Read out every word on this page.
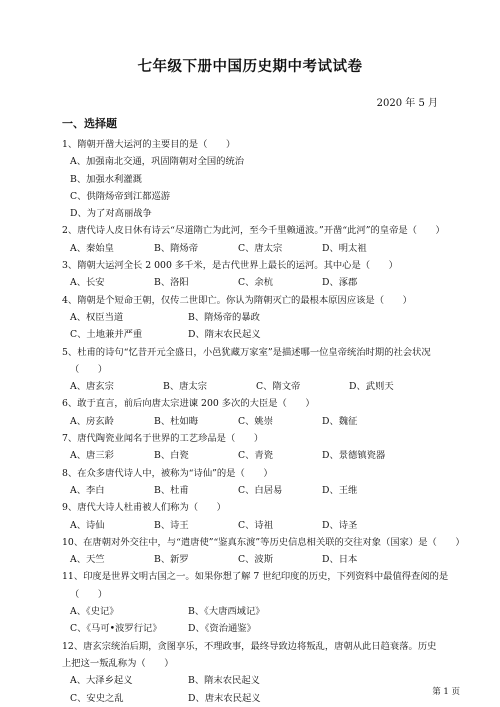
七年级下册中国历史期中考试试卷
2020 年 5 月
一、选择题
1、隋朝开凿大运河的主要目的是（　　）
A、加强南北交通，巩固隋朝对全国的统治
B、加强水利灌溉
C、供隋炀帝到江都巡游
D、为了对高丽战争
2、唐代诗人皮日休有诗云“尽道隋亡为此河，至今千里赖通波。”开凿“此河”的皇帝是（　　）
A、秦始皇	B、隋炀帝	C、唐太宗	D、明太祖
3、隋朝大运河全长 2 000 多千米，是古代世界上最长的运河。其中心是（　　）
A、长安	B、洛阳	C、余杭	D、涿郡
4、隋朝是个短命王朝，仅传二世即亡。你认为隋朝灭亡的最根本原因应该是（　　）
A、权臣当道	B、隋炀帝的暴政
C、土地兼并严重	D、隋末农民起义
5、杜甫的诗句“忆昔开元全盛日，小邑犹藏万家室”是描述哪一位皇帝统治时期的社会状况
（　　）
A、唐玄宗	B、唐太宗	C、隋文帝	D、武则天
6、敢于直言，前后向唐太宗进谏 200 多次的大臣是（　　）
A、房玄龄	B、杜如晦	C、姚崇	D、魏征
7、唐代陶瓷业闻名于世界的工艺珍品是（　　）
A、唐三彩	B、白瓷	C、青瓷	D、景德镇瓷器
8、在众多唐代诗人中，被称为“诗仙”的是（　　）
A、李白	B、杜甫	C、白居易	D、王维
9、唐代大诗人杜甫被人们称为（　　）
A、诗仙	B、诗王	C、诗祖	D、诗圣
10、在唐朝对外交往中，与“遣唐使”“鉴真东渡”等历史信息相关联的交往对象（国家）是（　　）
A、天竺	B、新罗	C、波斯	D、日本
11、印度是世界文明古国之一。如果你想了解 7 世纪印度的历史，下列资料中最值得查阅的是
（　　）
A、《史记》	B、《大唐西域记》
C、《马可•波罗行记》	D、《资治通鉴》
12、唐玄宗统治后期，贪图享乐，不理政事，最终导致边将叛乱，唐朝从此日趋衰落。历史上把这一叛乱称为（　　）
A、大泽乡起义	B、隋末农民起义
C、安史之乱	D、唐末农民起义
第 1 页
